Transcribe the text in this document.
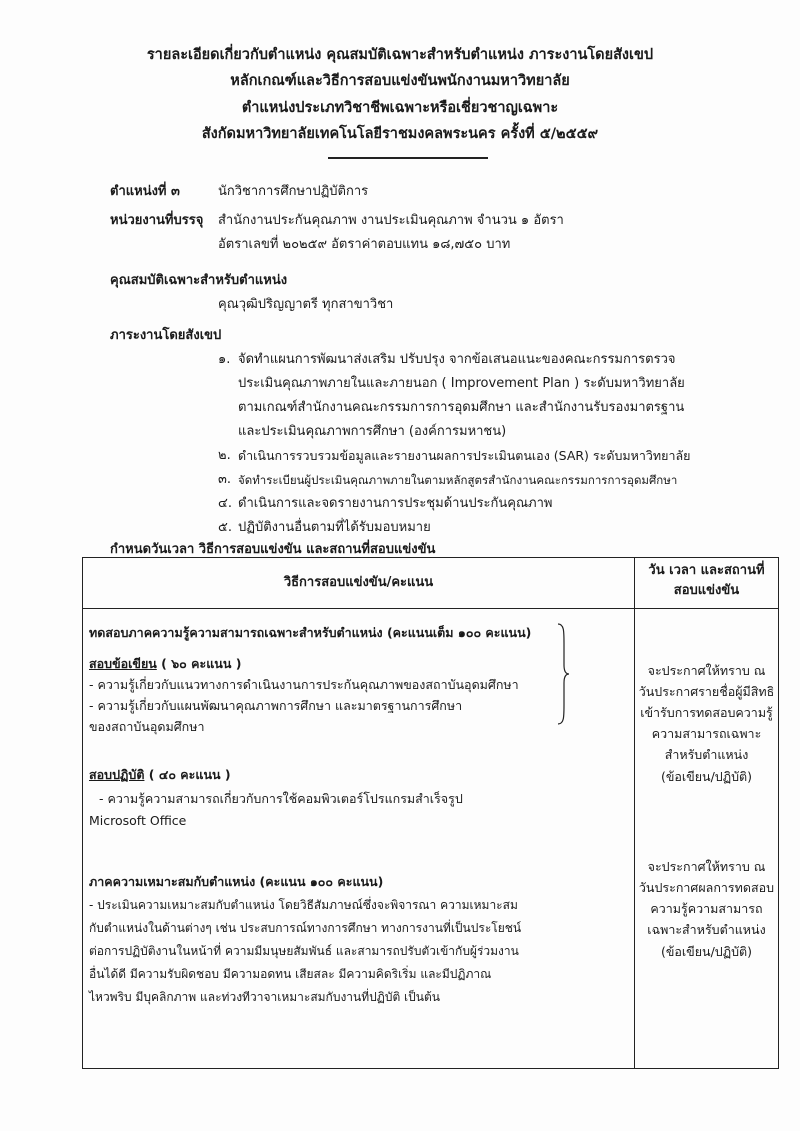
รายละเอียดเกี่ยวกับตำแหน่ง คุณสมบัติเฉพาะสำหรับตำแหน่ง ภาระงานโดยสังเขป
หลักเกณฑ์และวิธีการสอบแข่งขันพนักงานมหาวิทยาลัย
ตำแหน่งประเภทวิชาชีพเฉพาะหรือเชี่ยวชาญเฉพาะ
สังกัดมหาวิทยาลัยเทคโนโลยีราชมงคลพระนคร ครั้งที่ ๕/๒๕๕๙
ตำแหน่งที่ ๓	นักวิชาการศึกษาปฏิบัติการ
หน่วยงานที่บรรจุ สำนักงานประกันคุณภาพ งานประเมินคุณภาพ จำนวน ๑ อัตรา
อัตราเลขที่ ๒๐๒๕๙ อัตราค่าตอบแทน ๑๘,๗๕๐ บาท
คุณสมบัติเฉพาะสำหรับตำแหน่ง
คุณวุฒิปริญญาตรี ทุกสาขาวิชา
ภาระงานโดยสังเขป
๑. จัดทำแผนการพัฒนาส่งเสริม ปรับปรุง จากข้อเสนอแนะของคณะกรรมการตรวจ
ประเมินคุณภาพภายในและภายนอก ( Improvement Plan ) ระดับมหาวิทยาลัย
ตามเกณฑ์สำนักงานคณะกรรมการการอุดมศึกษา และสำนักงานรับรองมาตรฐาน
และประเมินคุณภาพการศึกษา (องค์การมหาชน)
๒. ดำเนินการรวบรวมข้อมูลและรายงานผลการประเมินตนเอง (SAR) ระดับมหาวิทยาลัย
๓. จัดทำระเบียนผู้ประเมินคุณภาพภายในตามหลักสูตรสำนักงานคณะกรรมการการอุดมศึกษา
๔. ดำเนินการและจดรายงานการประชุมด้านประกันคุณภาพ
๕. ปฏิบัติงานอื่นตามที่ได้รับมอบหมาย
กำหนดวันเวลา วิธีการสอบแข่งขัน และสถานที่สอบแข่งขัน
วิธีการสอบแข่งขัน/คะแนน
วัน เวลา และสถานที่
สอบแข่งขัน
ทดสอบภาคความรู้ความสามารถเฉพาะสำหรับตำแหน่ง (คะแนนเต็ม ๑๐๐ คะแนน)
สอบข้อเขียน ( ๖๐ คะแนน )
- ความรู้เกี่ยวกับแนวทางการดำเนินงานการประกันคุณภาพของสถาบันอุดมศึกษา
- ความรู้เกี่ยวกับแผนพัฒนาคุณภาพการศึกษา และมาตรฐานการศึกษา
ของสถาบันอุดมศึกษา
สอบปฏิบัติ ( ๔๐ คะแนน )
- ความรู้ความสามารถเกี่ยวกับการใช้คอมพิวเตอร์โปรแกรมสำเร็จรูป
Microsoft Office
ภาคความเหมาะสมกับตำแหน่ง (คะแนน ๑๐๐ คะแนน)
- ประเมินความเหมาะสมกับตำแหน่ง โดยวิธีสัมภาษณ์ซึ่งจะพิจารณา ความเหมาะสม
กับตำแหน่งในด้านต่างๆ เช่น ประสบการณ์ทางการศึกษา ทางการงานที่เป็นประโยชน์
ต่อการปฏิบัติงานในหน้าที่ ความมีมนุษยสัมพันธ์ และสามารถปรับตัวเข้ากับผู้ร่วมงาน
อื่นได้ดี มีความรับผิดชอบ มีความอดทน เสียสละ มีความคิดริเริ่ม และมีปฏิภาณ
ไหวพริบ มีบุคลิกภาพ และท่วงทีวาจาเหมาะสมกับงานที่ปฏิบัติ เป็นต้น
จะประกาศให้ทราบ ณ
วันประกาศรายชื่อผู้มีสิทธิ
เข้ารับการทดสอบความรู้
ความสามารถเฉพาะ
สำหรับตำแหน่ง
(ข้อเขียน/ปฏิบัติ)
จะประกาศให้ทราบ ณ
วันประกาศผลการทดสอบ
ความรู้ความสามารถ
เฉพาะสำหรับตำแหน่ง
(ข้อเขียน/ปฏิบัติ)
